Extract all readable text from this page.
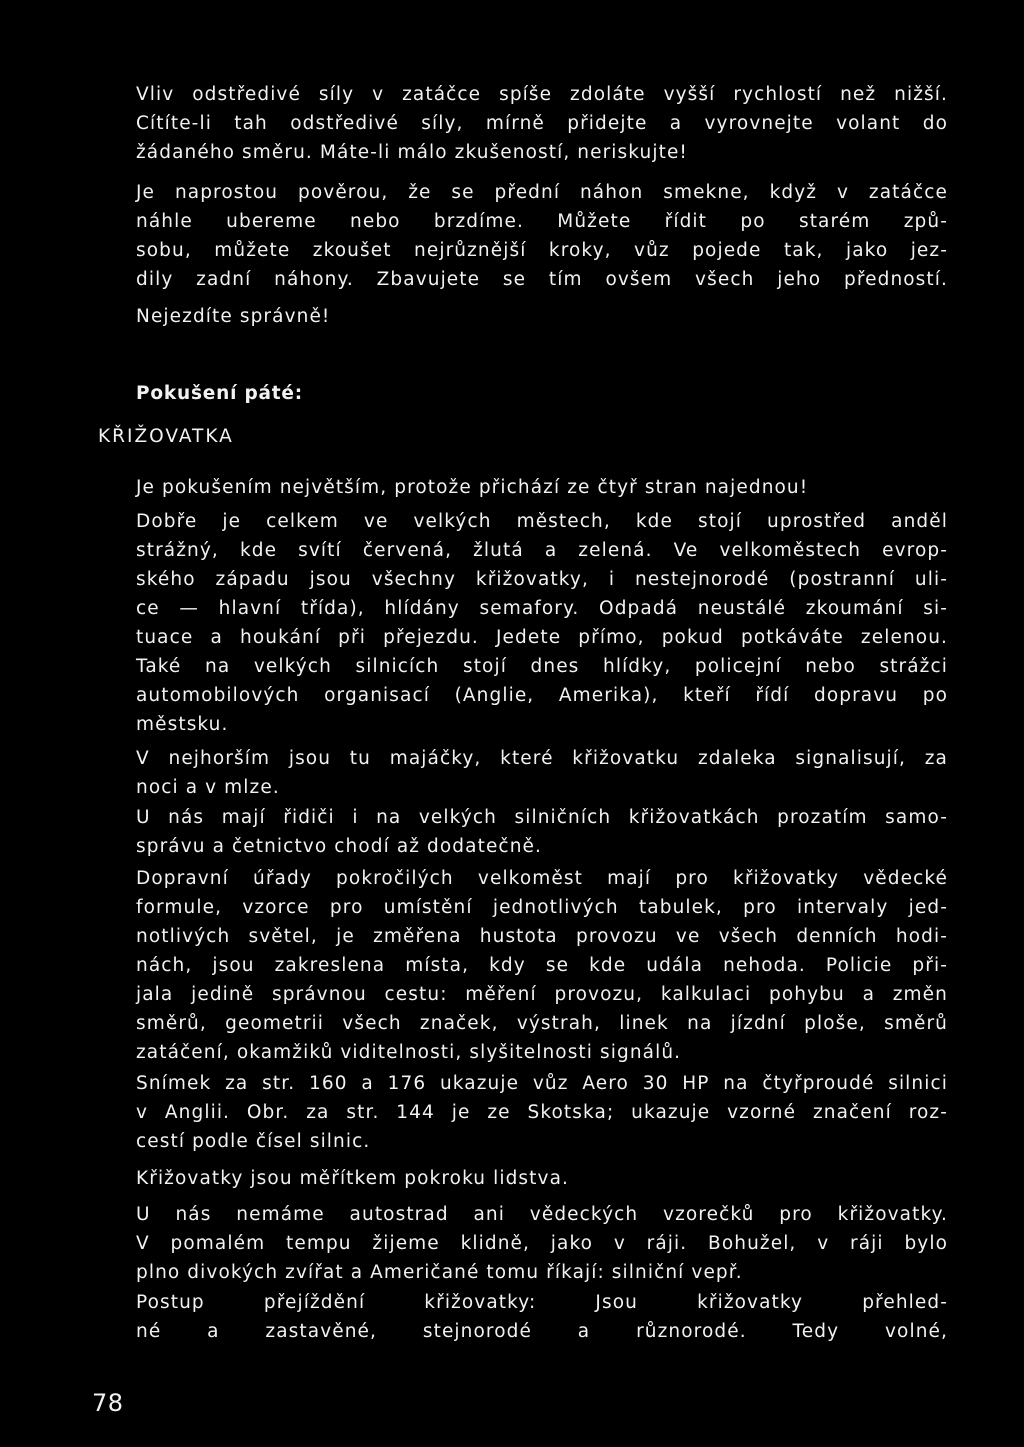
Vliv odstředivé síly v zatáčce spíše zdoláte vyšší rychlostí než nižší.
Cítíte-li tah odstředivé síly, mírně přidejte a vyrovnejte volant do
žádaného směru. Máte-li málo zkušeností, neriskujte!
Je naprostou pověrou, že se přední náhon smekne, když v zatáčce
náhle ubereme nebo brzdíme. Můžete řídit po starém způ-
sobu, můžete zkoušet nejrůznější kroky, vůz pojede tak, jako jez-
dily zadní náhony. Zbavujete se tím ovšem všech jeho předností.
Nejezdíte správně!
Pokušení páté:
KŘIŽOVATKA
Je pokušením největším, protože přichází ze čtyř stran najednou!
Dobře je celkem ve velkých městech, kde stojí uprostřed anděl
strážný, kde svítí červená, žlutá a zelená. Ve velkoměstech evrop-
ského západu jsou všechny křižovatky, i nestejnorodé (postranní uli-
ce — hlavní třída), hlídány semafory. Odpadá neustálé zkoumání si-
tuace a houkání při přejezdu. Jedete přímo, pokud potkáváte zelenou.
Také na velkých silnicích stojí dnes hlídky, policejní nebo strážci
automobilových organisací (Anglie, Amerika), kteří řídí dopravu po
městsku.
V nejhorším jsou tu majáčky, které křižovatku zdaleka signalisují, za
noci a v mlze.
U nás mají řidiči i na velkých silničních křižovatkách prozatím samo-
správu a četnictvo chodí až dodatečně.
Dopravní úřady pokročilých velkoměst mají pro křižovatky vědecké
formule, vzorce pro umístění jednotlivých tabulek, pro intervaly jed-
notlivých světel, je změřena hustota provozu ve všech denních hodi-
nách, jsou zakreslena místa, kdy se kde udála nehoda. Policie při-
jala jedině správnou cestu: měření provozu, kalkulaci pohybu a změn
směrů, geometrii všech značek, výstrah, linek na jízdní ploše, směrů
zatáčení, okamžiků viditelnosti, slyšitelnosti signálů.
Snímek za str. 160 a 176 ukazuje vůz Aero 30 HP na čtyřproudé silnici
v Anglii. Obr. za str. 144 je ze Skotska; ukazuje vzorné značení roz-
cestí podle čísel silnic.
Křižovatky jsou měřítkem pokroku lidstva.
U nás nemáme autostrad ani vědeckých vzorečků pro křižovatky.
V pomalém tempu žijeme klidně, jako v ráji. Bohužel, v ráji bylo
plno divokých zvířat a Američané tomu říkají: silniční vepř.
Postup přejíždění křižovatky: Jsou křižovatky přehled-
né a zastavěné, stejnorodé a různorodé. Tedy volné,
78
